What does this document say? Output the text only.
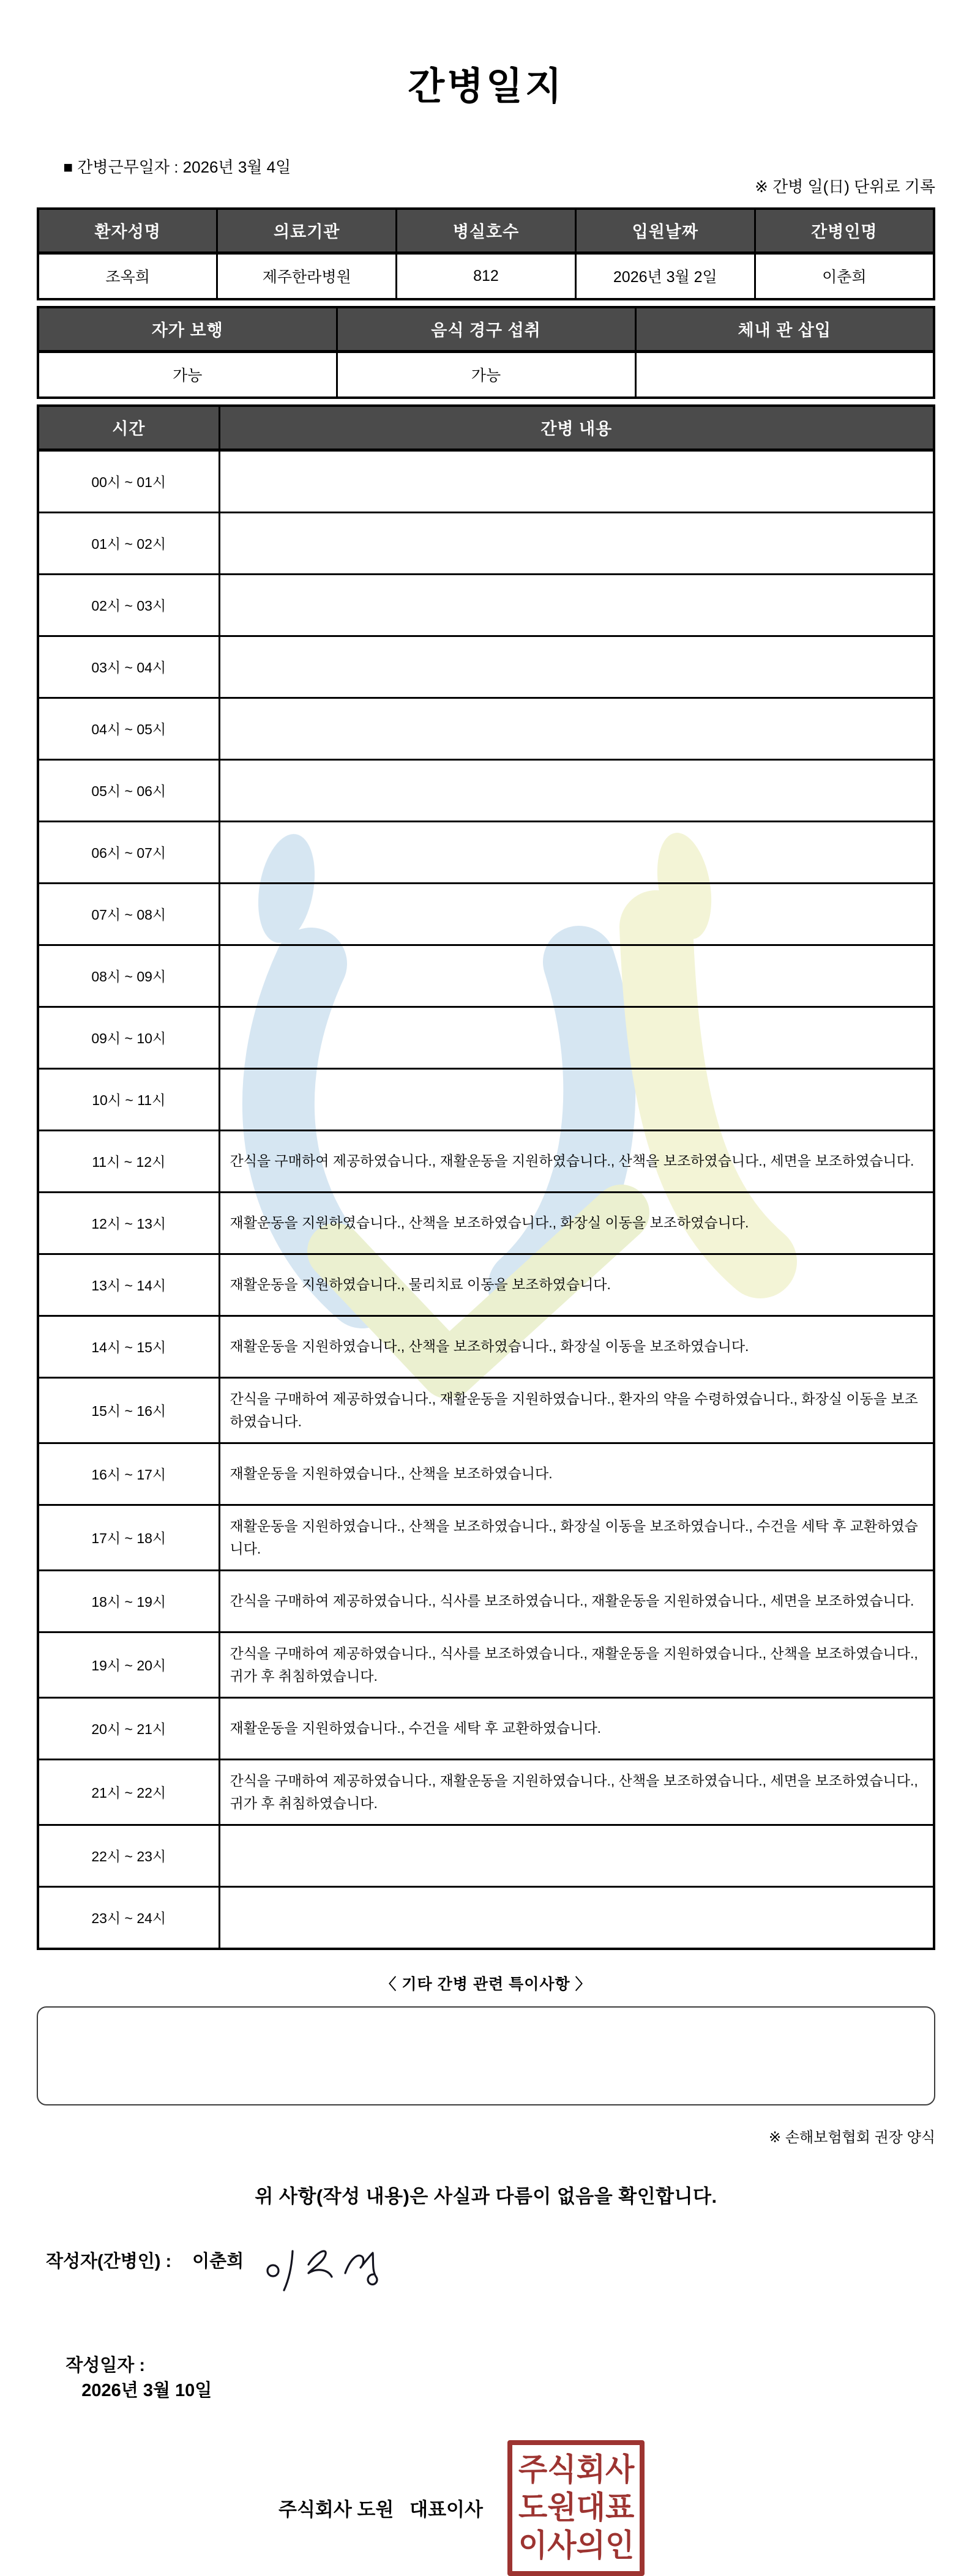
간병일지

■ 간병근무일자 : 2026년 3월 4일

※ 간병 일(日) 단위로 기록
환자성명	의료기관	병실호수	입원날짜	간병인명
조옥희	제주한라병원	812	2026년 3월 2일	이춘희
자가 보행	음식 경구 섭취	체내 관 삽입
가능	가능	
시간	간병 내용
00시 ~ 01시	
01시 ~ 02시	
02시 ~ 03시	
03시 ~ 04시	
04시 ~ 05시	
05시 ~ 06시	
06시 ~ 07시	
07시 ~ 08시	
08시 ~ 09시	
09시 ~ 10시	
10시 ~ 11시	
11시 ~ 12시	간식을 구매하여 제공하였습니다., 재활운동을 지원하였습니다., 산책을 보조하였습니다., 세면을 보조하였습니다.
12시 ~ 13시	재활운동을 지원하였습니다., 산책을 보조하였습니다., 화장실 이동을 보조하였습니다.
13시 ~ 14시	재활운동을 지원하였습니다., 물리치료 이동을 보조하였습니다.
14시 ~ 15시	재활운동을 지원하였습니다., 산책을 보조하였습니다., 화장실 이동을 보조하였습니다.
15시 ~ 16시	간식을 구매하여 제공하였습니다., 재활운동을 지원하였습니다., 환자의 약을 수령하였습니다., 화장실 이동을 보조하였습니다.
16시 ~ 17시	재활운동을 지원하였습니다., 산책을 보조하였습니다.
17시 ~ 18시	재활운동을 지원하였습니다., 산책을 보조하였습니다., 화장실 이동을 보조하였습니다., 수건을 세탁 후 교환하였습니다.
18시 ~ 19시	간식을 구매하여 제공하였습니다., 식사를 보조하였습니다., 재활운동을 지원하였습니다., 세면을 보조하였습니다.
19시 ~ 20시	간식을 구매하여 제공하였습니다., 식사를 보조하였습니다., 재활운동을 지원하였습니다., 산책을 보조하였습니다., 귀가 후 취침하였습니다.
20시 ~ 21시	재활운동을 지원하였습니다., 수건을 세탁 후 교환하였습니다.
21시 ~ 22시	간식을 구매하여 제공하였습니다., 재활운동을 지원하였습니다., 산책을 보조하였습니다., 세면을 보조하였습니다., 귀가 후 취침하였습니다.
22시 ~ 23시	
23시 ~ 24시	
〈 기타 간병 관련 특이사항 〉
※ 손해보험협회 권장 양식
위 사항(작성 내용)은 사실과 다름이 없음을 확인합니다.
작성자(간병인) : 이춘희

작성일자 :
2026년 3월 10일

주식회사 도원   대표이사
주 식 회 사
도 원 대 표
이 사 의 인
